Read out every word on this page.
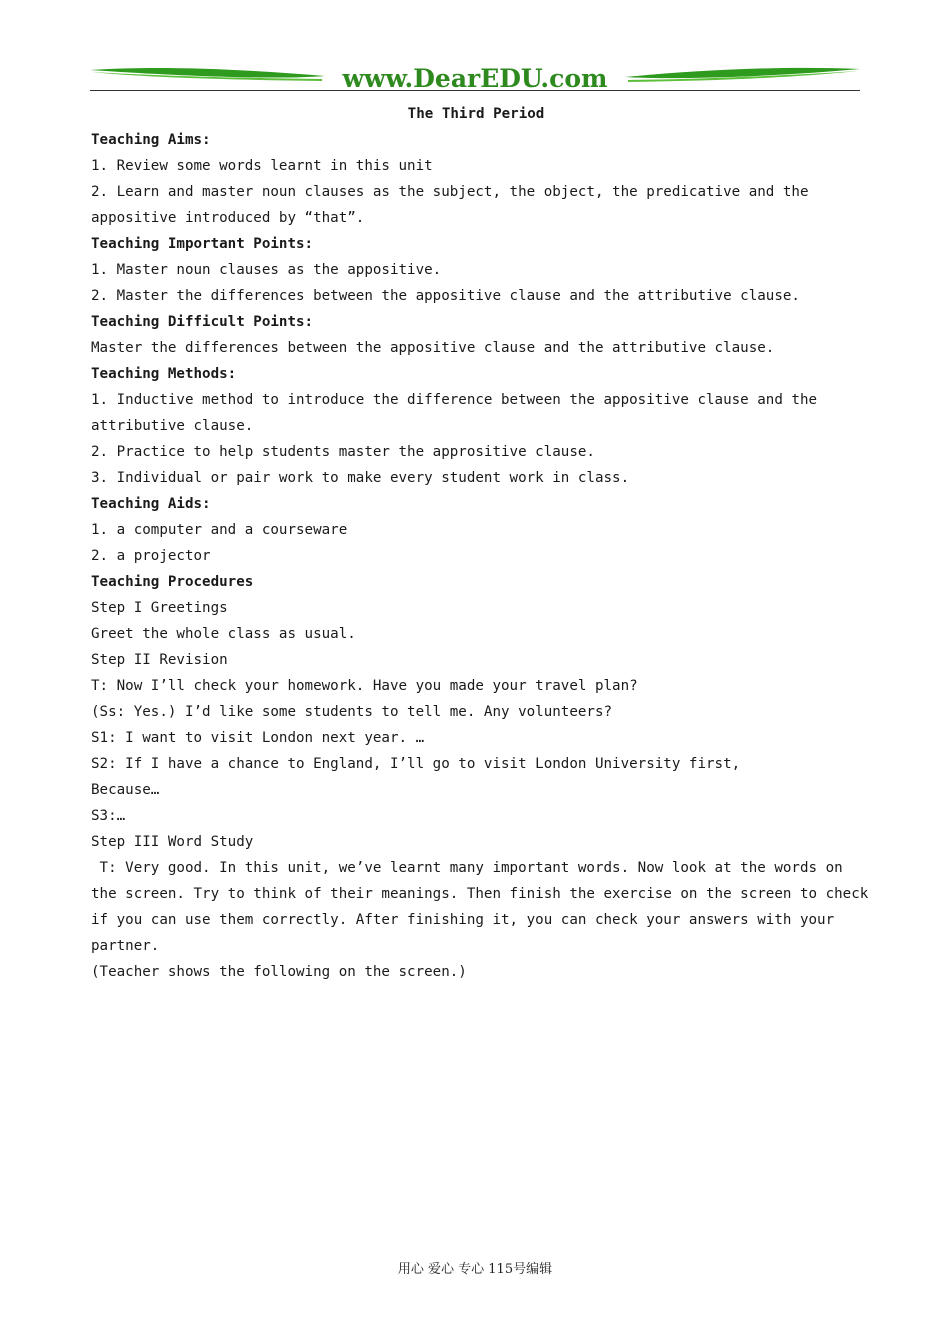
www.DearEDU.com
The Third Period
Teaching Aims:
1. Review some words learnt in this unit
2. Learn and master noun clauses as the subject, the object, the predicative and the
appositive introduced by “that”.
Teaching Important Points:
1. Master noun clauses as the appositive.
2. Master the differences between the appositive clause and the attributive clause.
Teaching Difficult Points:
Master the differences between the appositive clause and the attributive clause.
Teaching Methods:
1. Inductive method to introduce the difference between the appositive clause and the
attributive clause.
2. Practice to help students master the apprositive clause.
3. Individual or pair work to make every student work in class.
Teaching Aids:
1. a computer and a courseware
2. a projector
Teaching Procedures
Step I Greetings
Greet the whole class as usual.
Step II Revision
T: Now I’ll check your homework. Have you made your travel plan?
(Ss: Yes.) I’d like some students to tell me. Any volunteers?
S1: I want to visit London next year. …
S2: If I have a chance to England, I’ll go to visit London University first,
Because…
S3:…
Step III Word Study
T: Very good. In this unit, we’ve learnt many important words. Now look at the words on
the screen. Try to think of their meanings. Then finish the exercise on the screen to check
if you can use them correctly. After finishing it, you can check your answers with your
partner.
(Teacher shows the following on the screen.)
用心 爱心 专心 115号编辑
